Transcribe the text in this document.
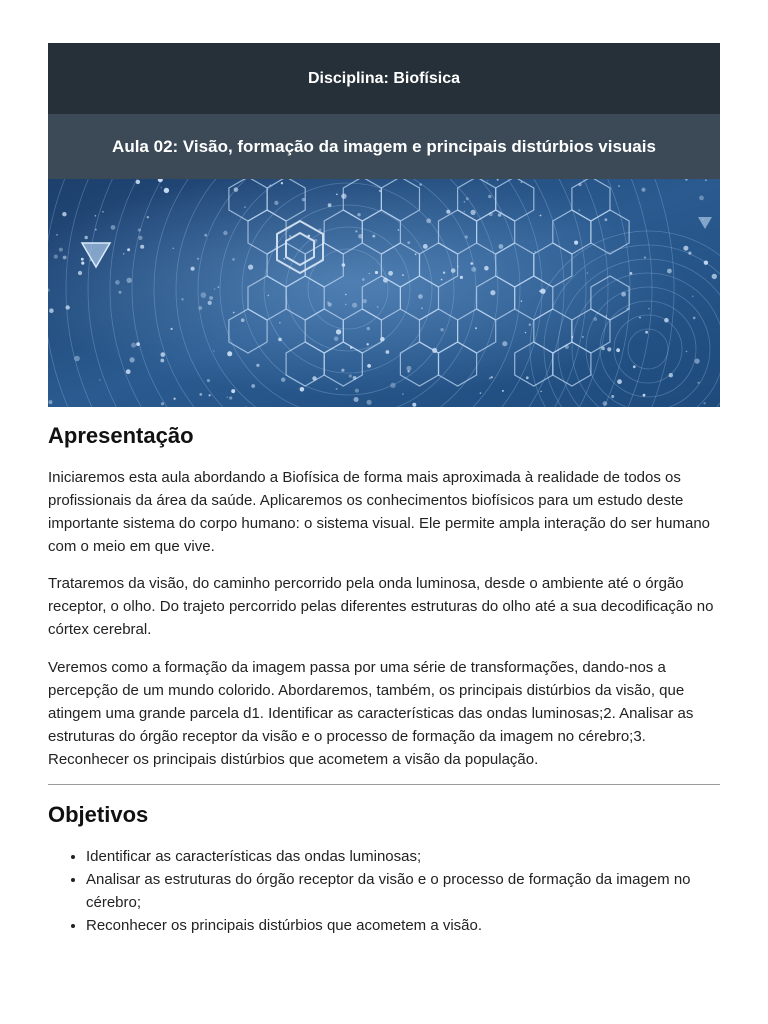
Disciplina: Biofísica
Aula 02: Visão, formação da imagem e principais distúrbios visuais
Apresentação

Iniciaremos esta aula abordando a Biofísica de forma mais aproximada à realidade de todos os profissionais da área da saúde. Aplicaremos os conhecimentos biofísicos para um estudo deste importante sistema do corpo humano: o sistema visual. Ele permite ampla interação do ser humano com o meio em que vive.

Trataremos da visão, do caminho percorrido pela onda luminosa, desde o ambiente até o órgão receptor, o olho. Do trajeto percorrido pelas diferentes estruturas do olho até a sua decodificação no córtex cerebral.

Veremos como a formação da imagem passa por uma série de transformações, dando-nos a percepção de um mundo colorido. Abordaremos, também, os principais distúrbios da visão, que atingem uma grande parcela d1. Identificar as características das ondas luminosas;2. Analisar as estruturas do órgão receptor da visão e o processo de formação da imagem no cérebro;3. Reconhecer os principais distúrbios que acometem a visão da população.

Objetivos
• Identificar as características das ondas luminosas;
• Analisar as estruturas do órgão receptor da visão e o processo de formação da imagem no cérebro;
• Reconhecer os principais distúrbios que acometem a visão.
